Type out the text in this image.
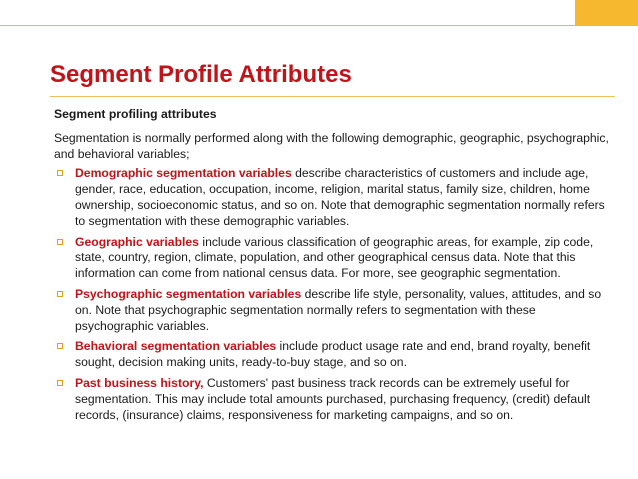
Segment Profile Attributes

Segment profiling attributes

Segmentation is normally performed along with the following demographic, geographic, psychographic, and behavioral variables;

Demographic segmentation variables describe characteristics of customers and include age, gender, race, education, occupation, income, religion, marital status, family size, children, home ownership, socioeconomic status, and so on. Note that demographic segmentation normally refers to segmentation with these demographic variables.
Geographic variables include various classification of geographic areas, for example, zip code, state, country, region, climate, population, and other geographical census data. Note that this information can come from national census data. For more, see geographic segmentation.
Psychographic segmentation variables describe life style, personality, values, attitudes, and so on. Note that psychographic segmentation normally refers to segmentation with these psychographic variables.
Behavioral segmentation variables include product usage rate and end, brand royalty, benefit sought, decision making units, ready-to-buy stage, and so on.
Past business history, Customers' past business track records can be extremely useful for segmentation. This may include total amounts purchased, purchasing frequency, (credit) default records, (insurance) claims, responsiveness for marketing campaigns, and so on.
